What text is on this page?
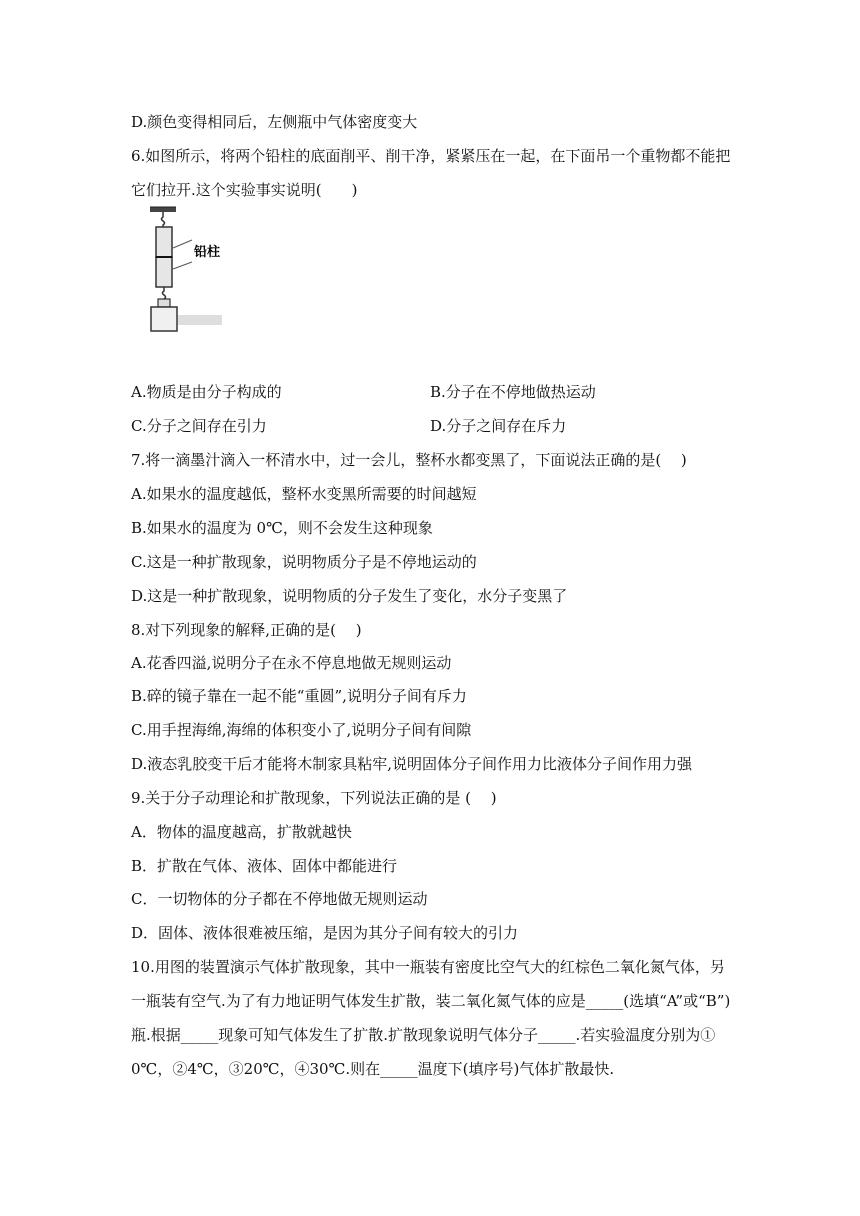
D.颜色变得相同后，左侧瓶中气体密度变大
6.如图所示，将两个铅柱的底面削平、削干净，紧紧压在一起，在下面吊一个重物都不能把
它们拉开.这个实验事实说明(　　)
铅柱
A.物质是由分子构成的	B.分子在不停地做热运动
C.分子之间存在引力	D.分子之间存在斥力
7.将一滴墨汁滴入一杯清水中，过一会儿，整杯水都变黑了，下面说法正确的是(　 )
A.如果水的温度越低，整杯水变黑所需要的时间越短
B.如果水的温度为 0℃，则不会发生这种现象
C.这是一种扩散现象，说明物质分子是不停地运动的
D.这是一种扩散现象，说明物质的分子发生了变化，水分子变黑了
8.对下列现象的解释,正确的是(　 )
A.花香四溢,说明分子在永不停息地做无规则运动
B.碎的镜子靠在一起不能“重圆”,说明分子间有斥力
C.用手捏海绵,海绵的体积变小了,说明分子间有间隙
D.液态乳胶变干后才能将木制家具粘牢,说明固体分子间作用力比液体分子间作用力强
9.关于分子动理论和扩散现象，下列说法正确的是 (　 )
A．物体的温度越高，扩散就越快
B．扩散在气体、液体、固体中都能进行
C．一切物体的分子都在不停地做无规则运动
D．固体、液体很难被压缩，是因为其分子间有较大的引力
10.用图的装置演示气体扩散现象，其中一瓶装有密度比空气大的红棕色二氧化氮气体，另
一瓶装有空气.为了有力地证明气体发生扩散，装二氧化氮气体的应是_____(选填“A”或“B”)
瓶.根据_____现象可知气体发生了扩散.扩散现象说明气体分子_____.若实验温度分别为①
0℃，②4℃，③20℃，④30℃.则在_____温度下(填序号)气体扩散最快.
